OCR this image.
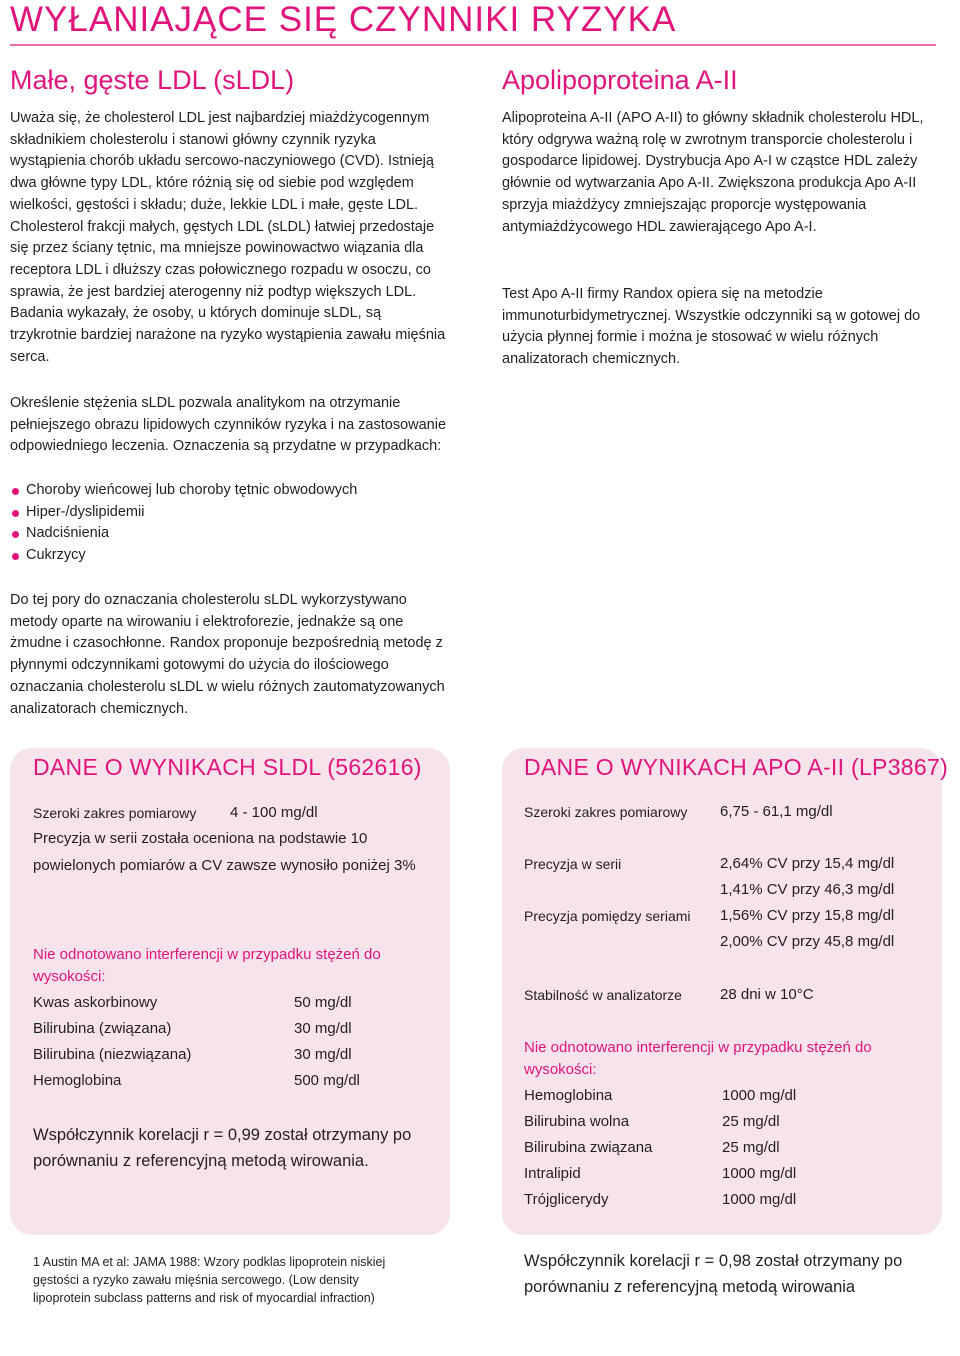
WYŁANIAJĄCE SIĘ CZYNNIKI RYZYKA
Małe, gęste LDL (sLDL)

Uważa się, że cholesterol LDL jest najbardziej miażdżycogennym składnikiem cholesterolu i stanowi główny czynnik ryzyka wystąpienia chorób układu sercowo-naczyniowego (CVD). Istnieją dwa główne typy LDL, które różnią się od siebie pod względem wielkości, gęstości i składu; duże, lekkie LDL i małe, gęste LDL. Cholesterol frakcji małych, gęstych LDL (sLDL) łatwiej przedostaje się przez ściany tętnic, ma mniejsze powinowactwo wiązania dla receptora LDL i dłuższy czas połowicznego rozpadu w osoczu, co sprawia, że jest bardziej aterogenny niż podtyp większych LDL. Badania wykazały, że osoby, u których dominuje sLDL, są trzykrotnie bardziej narażone na ryzyko wystąpienia zawału mięśnia serca.

Określenie stężenia sLDL pozwala analitykom na otrzymanie pełniejszego obrazu lipidowych czynników ryzyka i na zastosowanie odpowiedniego leczenia. Oznaczenia są przydatne w przypadkach:

Choroby wieńcowej lub choroby tętnic obwodowych
Hiper-/dyslipidemii
Nadciśnienia
Cukrzycy

Do tej pory do oznaczania cholesterolu sLDL wykorzystywano metody oparte na wirowaniu i elektroforezie, jednakże są one żmudne i czasochłonne. Randox proponuje bezpośrednią metodę z płynnymi odczynnikami gotowymi do użycia do ilościowego oznaczania cholesterolu sLDL w wielu różnych zautomatyzowanych analizatorach chemicznych.

Apolipoproteina A-II

Alipoproteina A-II (APO A-II) to główny składnik cholesterolu HDL, który odgrywa ważną rolę w zwrotnym transporcie cholesterolu i gospodarce lipidowej. Dystrybucja Apo A-I w cząstce HDL zależy głównie od wytwarzania Apo A-II. Zwiększona produkcja Apo A-II sprzyja miażdżycy zmniejszając proporcje występowania antymiażdżycowego HDL zawierającego Apo A-I.

Test Apo A-II firmy Randox opiera się na metodzie immunoturbidymetrycznej. Wszystkie odczynniki są w gotowej do użycia płynnej formie i można je stosować w wielu różnych analizatorach chemicznych.

DANE O WYNIKACH SLDL (562616)
Szeroki zakres pomiarowy 4 - 100 mg/dl
Precyzja w serii została oceniona na podstawie 10
powielonych pomiarów a CV zawsze wynosiło poniżej 3%
Nie odnotowano interferencji w przypadku stężeń do wysokości:
Kwas askorbinowy	50 mg/dl
Bilirubina (związana)	30 mg/dl
Bilirubina (niezwiązana)	30 mg/dl
Hemoglobina	500 mg/dl
Współczynnik korelacji r = 0,99 został otrzymany po porównaniu z referencyjną metodą wirowania.
DANE O WYNIKACH APO A-II (LP3867)
Szeroki zakres pomiarowy 6,75 - 61,1 mg/dl
Precyzja w serii	2,64% CV przy 15,4 mg/dl
1,41% CV przy 46,3 mg/dl
Precyzja pomiędzy seriami 1,56% CV przy 15,8 mg/dl
2,00% CV przy 45,8 mg/dl
Stabilność w analizatorze	28 dni w 10°C
Nie odnotowano interferencji w przypadku stężeń do wysokości:
Hemoglobina	1000 mg/dl
Bilirubina wolna	25 mg/dl
Bilirubina związana	25 mg/dl
Intralipid	1000 mg/dl
Trójglicerydy	1000 mg/dl
1 Austin MA et al: JAMA 1988: Wzory podklas lipoprotein niskiej gęstości a ryzyko zawału mięśnia sercowego. (Low density lipoprotein subclass patterns and risk of myocardial infraction)
Współczynnik korelacji r = 0,98 został otrzymany po porównaniu z referencyjną metodą wirowania
